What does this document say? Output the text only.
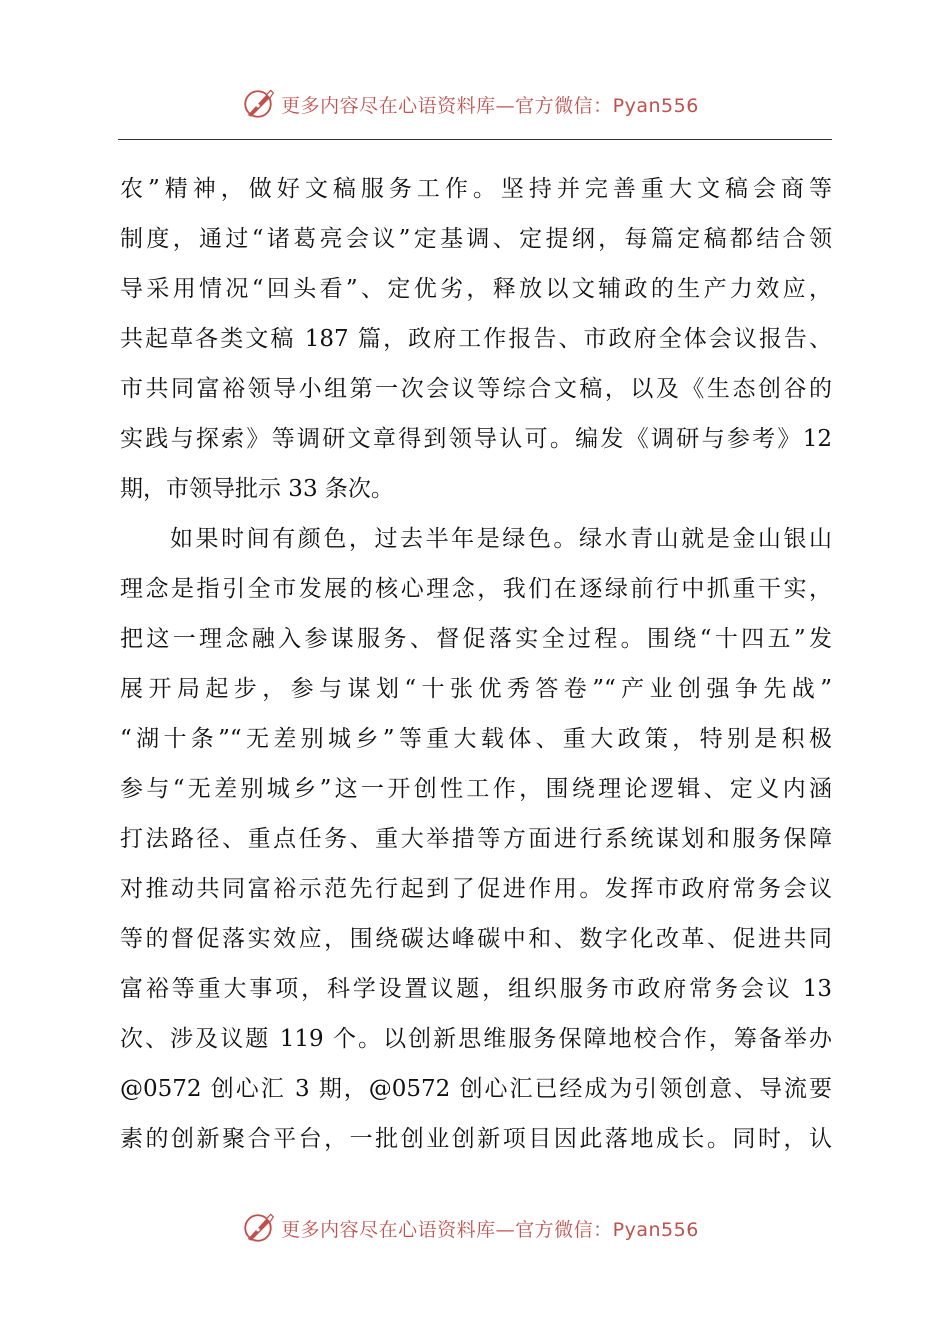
更多内容尽在心语资料库—官方微信：Pyan556
农”精神，做好文稿服务工作。坚持并完善重大文稿会商等
制度，通过“诸葛亮会议”定基调、定提纲，每篇定稿都结合领
导采用情况“回头看”、定优劣，释放以文辅政的生产力效应，
共起草各类文稿 187 篇，政府工作报告、市政府全体会议报告、
市共同富裕领导小组第一次会议等综合文稿，以及《生态创谷的
实践与探索》等调研文章得到领导认可。编发《调研与参考》12
期，市领导批示 33 条次。
如果时间有颜色，过去半年是绿色。绿水青山就是金山银山
理念是指引全市发展的核心理念，我们在逐绿前行中抓重干实，
把这一理念融入参谋服务、督促落实全过程。围绕“十四五”发
展开局起步，参与谋划“十张优秀答卷”“产业创强争先战”
“湖十条”“无差别城乡”等重大载体、重大政策，特别是积极
参与“无差别城乡”这一开创性工作，围绕理论逻辑、定义内涵
打法路径、重点任务、重大举措等方面进行系统谋划和服务保障
对推动共同富裕示范先行起到了促进作用。发挥市政府常务会议
等的督促落实效应，围绕碳达峰碳中和、数字化改革、促进共同
富裕等重大事项，科学设置议题，组织服务市政府常务会议 13
次、涉及议题 119 个。以创新思维服务保障地校合作，筹备举办
@0572 创心汇 3 期，@0572 创心汇已经成为引领创意、导流要
素的创新聚合平台，一批创业创新项目因此落地成长。同时，认
更多内容尽在心语资料库—官方微信：Pyan556
